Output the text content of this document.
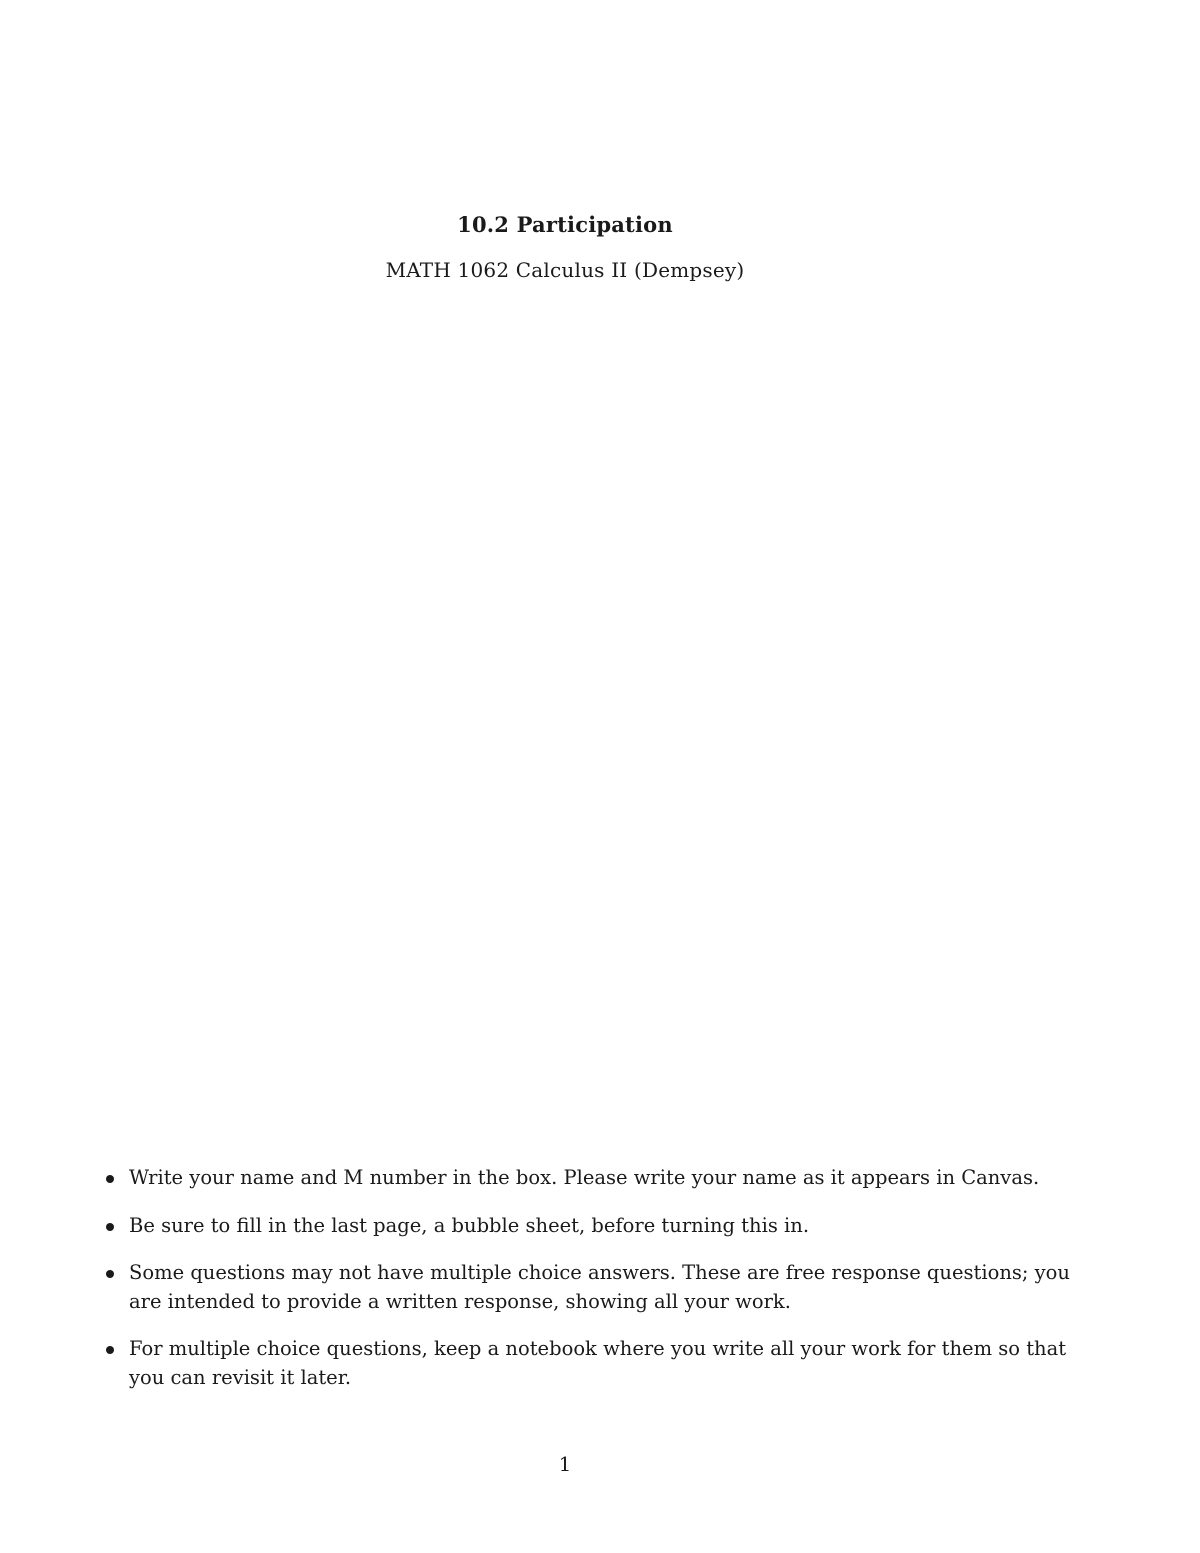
10.2 Participation
MATH 1062 Calculus II (Dempsey)
Write your name and M number in the box. Please write your name as it appears in Canvas.
Be sure to fill in the last page, a bubble sheet, before turning this in.
Some questions may not have multiple choice answers. These are free response questions; you are intended to provide a written response, showing all your work.
For multiple choice questions, keep a notebook where you write all your work for them so that you can revisit it later.
1
